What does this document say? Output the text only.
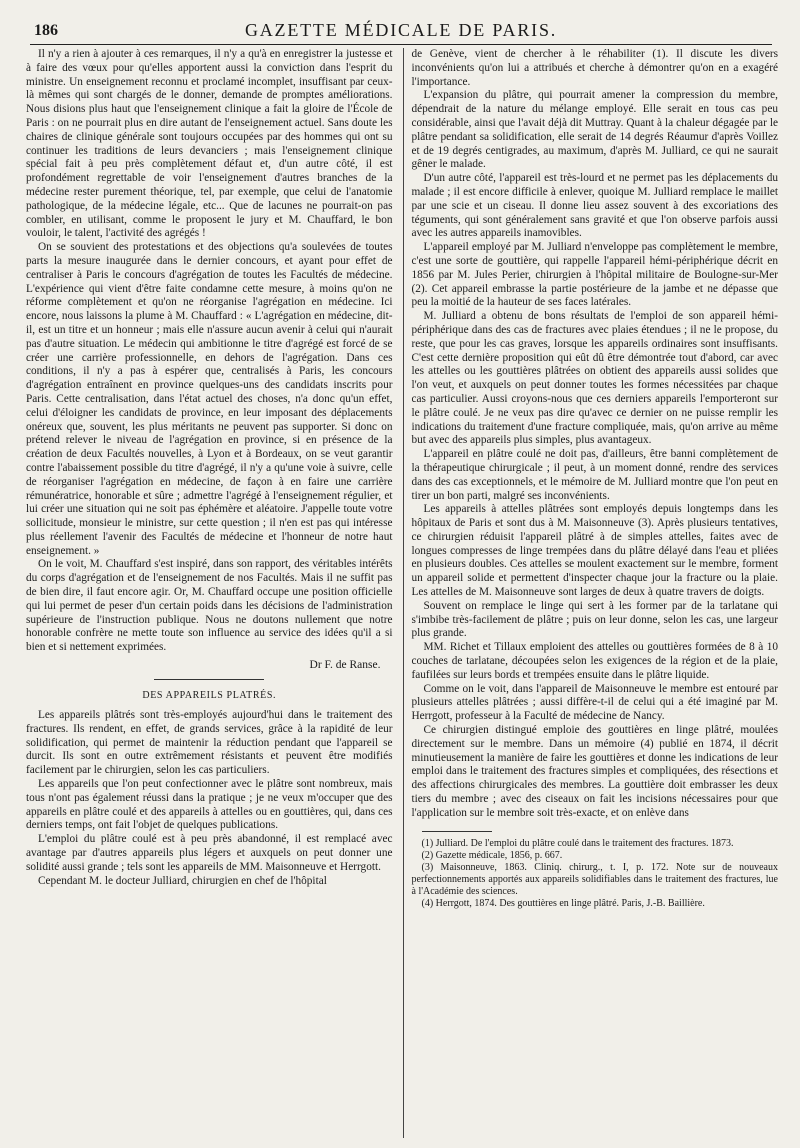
186	GAZETTE MÉDICALE DE PARIS.

Il n'y a rien à ajouter à ces remarques, il n'y a qu'à en enregistrer la justesse et à faire des vœux pour qu'elles apportent aussi la conviction dans l'esprit du ministre. Un enseignement reconnu et proclamé incomplet, insuffisant par ceux-là mêmes qui sont chargés de le donner, demande de promptes améliorations. Nous disions plus haut que l'enseignement clinique a fait la gloire de l'École de Paris : on ne pourrait plus en dire autant de l'enseignement actuel. Sans doute les chaires de clinique générale sont toujours occupées par des hommes qui ont su continuer les traditions de leurs devanciers ; mais l'enseignement clinique spécial fait à peu près complètement défaut et, d'un autre côté, il est profondément regrettable de voir l'enseignement d'autres branches de la médecine rester purement théorique, tel, par exemple, que celui de l'anatomie pathologique, de la médecine légale, etc... Que de lacunes ne pourrait-on pas combler, en utilisant, comme le proposent le jury et M. Chauffard, le bon vouloir, le talent, l'activité des agrégés !

On se souvient des protestations et des objections qu'a soulevées de toutes parts la mesure inaugurée dans le dernier concours, et ayant pour effet de centraliser à Paris le concours d'agrégation de toutes les Facultés de médecine. L'expérience qui vient d'être faite condamne cette mesure, à moins qu'on ne réforme complètement et qu'on ne réorganise l'agrégation en médecine. Ici encore, nous laissons la plume à M. Chauffard : « L'agrégation en médecine, dit-il, est un titre et un honneur ; mais elle n'assure aucun avenir à celui qui n'aurait pas d'autre situation. Le médecin qui ambitionne le titre d'agrégé est forcé de se créer une carrière professionnelle, en dehors de l'agrégation. Dans ces conditions, il n'y a pas à espérer que, centralisés à Paris, les concours d'agrégation entraînent en province quelques-uns des candidats inscrits pour Paris. Cette centralisation, dans l'état actuel des choses, n'a donc qu'un effet, celui d'éloigner les candidats de province, en leur imposant des déplacements onéreux que, souvent, les plus méritants ne peuvent pas supporter. Si donc on prétend relever le niveau de l'agrégation en province, si en présence de la création de deux Facultés nouvelles, à Lyon et à Bordeaux, on se veut garantir contre l'abaissement possible du titre d'agrégé, il n'y a qu'une voie à suivre, celle de réorganiser l'agrégation en médecine, de façon à en faire une carrière rémunératrice, honorable et sûre ; admettre l'agrégé à l'enseignement régulier, et lui créer une situation qui ne soit pas éphémère et aléatoire. J'appelle toute votre sollicitude, monsieur le ministre, sur cette question ; il n'en est pas qui intéresse plus réellement l'avenir des Facultés de médecine et l'honneur de notre haut enseignement. »

On le voit, M. Chauffard s'est inspiré, dans son rapport, des véritables intérêts du corps d'agrégation et de l'enseignement de nos Facultés. Mais il ne suffit pas de bien dire, il faut encore agir. Or, M. Chauffard occupe une position officielle qui lui permet de peser d'un certain poids dans les décisions de l'administration supérieure de l'instruction publique. Nous ne doutons nullement que notre honorable confrère ne mette toute son influence au service des idées qu'il a si bien et si nettement exprimées.

Dr F. de Ranse.
DES APPAREILS PLATRÉS.

Les appareils plâtrés sont très-employés aujourd'hui dans le traitement des fractures. Ils rendent, en effet, de grands services, grâce à la rapidité de leur solidification, qui permet de maintenir la réduction pendant que l'appareil se durcit. Ils sont en outre extrêmement résistants et peuvent être modifiés facilement par le chirurgien, selon les cas particuliers.

Les appareils que l'on peut confectionner avec le plâtre sont nombreux, mais tous n'ont pas également réussi dans la pratique ; je ne veux m'occuper que des appareils en plâtre coulé et des appareils à attelles ou en gouttières, qui, dans ces derniers temps, ont fait l'objet de quelques publications.

L'emploi du plâtre coulé est à peu près abandonné, il est remplacé avec avantage par d'autres appareils plus légers et auxquels on peut donner une solidité aussi grande ; tels sont les appareils de MM. Maisonneuve et Herrgott.

Cependant M. le docteur Julliard, chirurgien en chef de l'hôpital

de Genève, vient de chercher à le réhabiliter (1). Il discute les divers inconvénients qu'on lui a attribués et cherche à démontrer qu'on en a exagéré l'importance.

L'expansion du plâtre, qui pourrait amener la compression du membre, dépendrait de la nature du mélange employé. Elle serait en tous cas peu considérable, ainsi que l'avait déjà dit Muttray. Quant à la chaleur dégagée par le plâtre pendant sa solidification, elle serait de 14 degrés Réaumur d'après Voillez et de 19 degrés centigrades, au maximum, d'après M. Julliard, ce qui ne saurait gêner le malade.

D'un autre côté, l'appareil est très-lourd et ne permet pas les déplacements du malade ; il est encore difficile à enlever, quoique M. Julliard remplace le maillet par une scie et un ciseau. Il donne lieu assez souvent à des excoriations des téguments, qui sont généralement sans gravité et que l'on observe parfois aussi avec les autres appareils inamovibles.

L'appareil employé par M. Julliard n'enveloppe pas complètement le membre, c'est une sorte de gouttière, qui rappelle l'appareil hémi-périphérique décrit en 1856 par M. Jules Perier, chirurgien à l'hôpital militaire de Boulogne-sur-Mer (2). Cet appareil embrasse la partie postérieure de la jambe et ne dépasse que peu la moitié de la hauteur de ses faces latérales.

M. Julliard a obtenu de bons résultats de l'emploi de son appareil hémi-périphérique dans des cas de fractures avec plaies étendues ; il ne le propose, du reste, que pour les cas graves, lorsque les appareils ordinaires sont insuffisants. C'est cette dernière proposition qui eût dû être démontrée tout d'abord, car avec les attelles ou les gouttières plâtrées on obtient des appareils aussi solides que l'on veut, et auxquels on peut donner toutes les formes nécessitées par chaque cas particulier. Aussi croyons-nous que ces derniers appareils l'emporteront sur le plâtre coulé. Je ne veux pas dire qu'avec ce dernier on ne puisse remplir les indications du traitement d'une fracture compliquée, mais, qu'on arrive au même but avec des appareils plus simples, plus avantageux.

L'appareil en plâtre coulé ne doit pas, d'ailleurs, être banni complètement de la thérapeutique chirurgicale ; il peut, à un moment donné, rendre des services dans des cas exceptionnels, et le mémoire de M. Julliard montre que l'on peut en tirer un bon parti, malgré ses inconvénients.

Les appareils à attelles plâtrées sont employés depuis longtemps dans les hôpitaux de Paris et sont dus à M. Maisonneuve (3). Après plusieurs tentatives, ce chirurgien réduisit l'appareil plâtré à de simples attelles, faites avec de longues compresses de linge trempées dans du plâtre délayé dans l'eau et pliées en plusieurs doubles. Ces attelles se moulent exactement sur le membre, forment un appareil solide et permettent d'inspecter chaque jour la fracture ou la plaie. Les attelles de M. Maisonneuve sont larges de deux à quatre travers de doigts.

Souvent on remplace le linge qui sert à les former par de la tarlatane qui s'imbibe très-facilement de plâtre ; puis on leur donne, selon les cas, une largeur plus grande.

MM. Richet et Tillaux emploient des attelles ou gouttières formées de 8 à 10 couches de tarlatane, découpées selon les exigences de la région et de la plaie, faufilées sur leurs bords et trempées ensuite dans le plâtre liquide.

Comme on le voit, dans l'appareil de Maisonneuve le membre est entouré par plusieurs attelles plâtrées ; aussi diffère-t-il de celui qui a été imaginé par M. Herrgott, professeur à la Faculté de médecine de Nancy.

Ce chirurgien distingué emploie des gouttières en linge plâtré, moulées directement sur le membre. Dans un mémoire (4) publié en 1874, il décrit minutieusement la manière de faire les gouttières et donne les indications de leur emploi dans le traitement des fractures simples et compliquées, des résections et des affections chirurgicales des membres. La gouttière doit embrasser les deux tiers du membre ; avec des ciseaux on fait les incisions nécessaires pour que l'application sur le membre soit très-exacte, et on enlève dans

(1) Julliard. De l'emploi du plâtre coulé dans le traitement des fractures. 1873.

(2) Gazette médicale, 1856, p. 667.

(3) Maisonneuve, 1863. Cliniq. chirurg., t. I, p. 172. Note sur de nouveaux perfectionnements apportés aux appareils solidifiables dans le traitement des fractures, lue à l'Académie des sciences.

(4) Herrgott, 1874. Des gouttières en linge plâtré. Paris, J.-B. Baillière.
